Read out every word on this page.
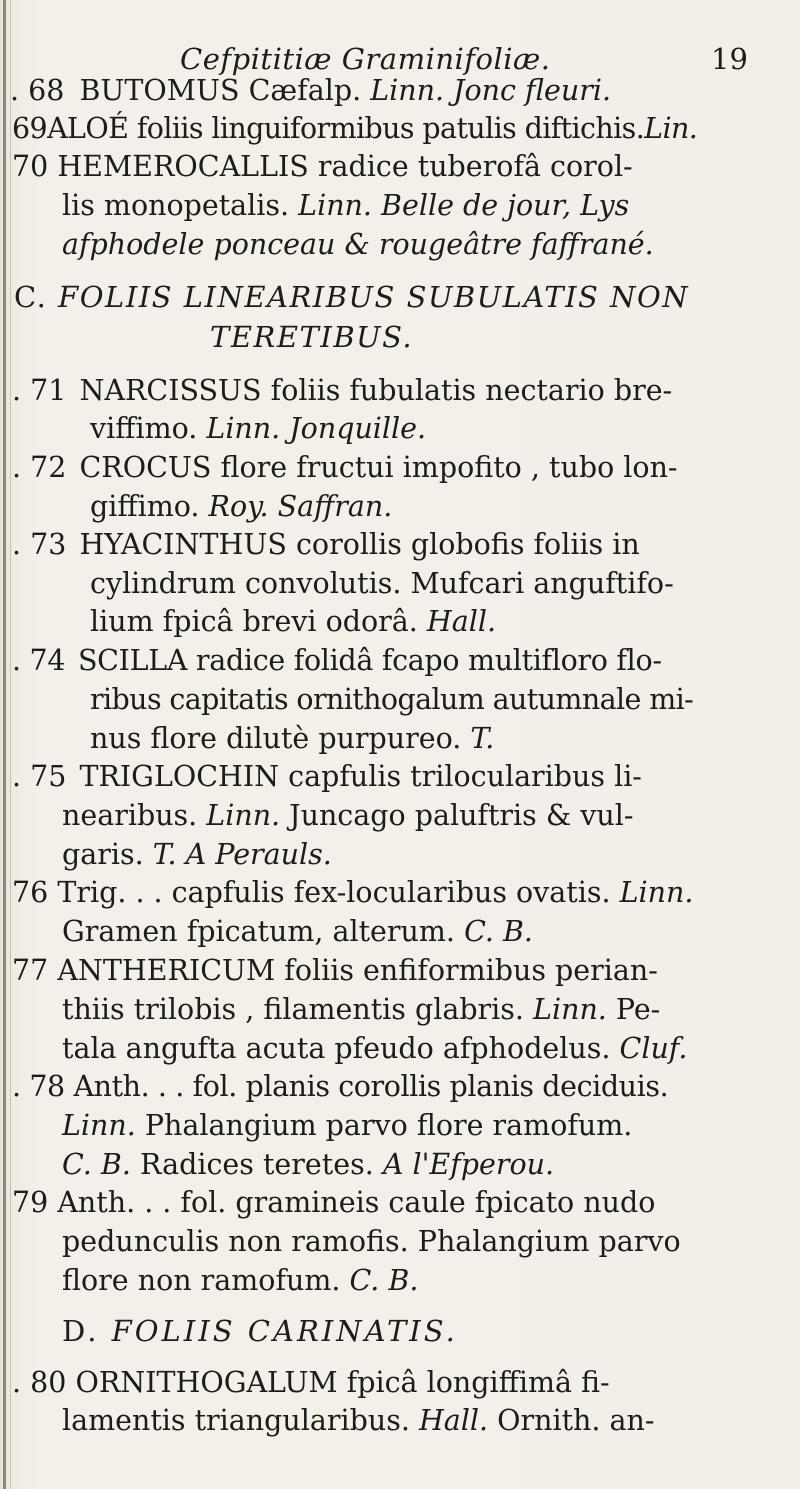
Cefpititiæ Graminifoliæ.	19
. 68 BUTOMUS Cæfalp. Linn. Jonc fleuri.
69ALOÉ foliis linguiformibus patulis diftichis.Lin.
70 HEMEROCALLIS radice tuberofâ corol-
lis monopetalis. Linn. Belle de jour, Lys
afphodele ponceau & rougeâtre faffrané.
C. FOLIIS LINEARIBUS SUBULATIS NON
TERETIBUS.
. 71 NARCISSUS foliis fubulatis nectario bre-
viffimo. Linn. Jonquille.
. 72 CROCUS flore fructui impofito , tubo lon-
giffimo. Roy. Saffran.
. 73 HYACINTHUS corollis globofis foliis in
cylindrum convolutis. Mufcari anguftifo-
lium fpicâ brevi odorâ. Hall.
. 74 SCILLA radice folidâ fcapo multifloro flo-
ribus capitatis ornithogalum autumnale mi-
nus flore dilutè purpureo. T.
. 75 TRIGLOCHIN capfulis trilocularibus li-
nearibus. Linn. Juncago paluftris & vul-
garis. T. A Perauls.
76 Trig. . . capfulis fex-locularibus ovatis. Linn.
Gramen fpicatum, alterum. C. B.
77 ANTHERICUM foliis enfiformibus perian-
thiis trilobis , filamentis glabris. Linn. Pe-
tala angufta acuta pfeudo afphodelus. Cluf.
. 78 Anth. . . fol. planis corollis planis deciduis.
Linn. Phalangium parvo flore ramofum.
C. B. Radices teretes. A l'Efperou.
79 Anth. . . fol. gramineis caule fpicato nudo
pedunculis non ramofis. Phalangium parvo
flore non ramofum. C. B.
D. FOLIIS CARINATIS.
. 80 ORNITHOGALUM fpicâ longiffimâ fi-
lamentis triangularibus. Hall. Ornith. an-
